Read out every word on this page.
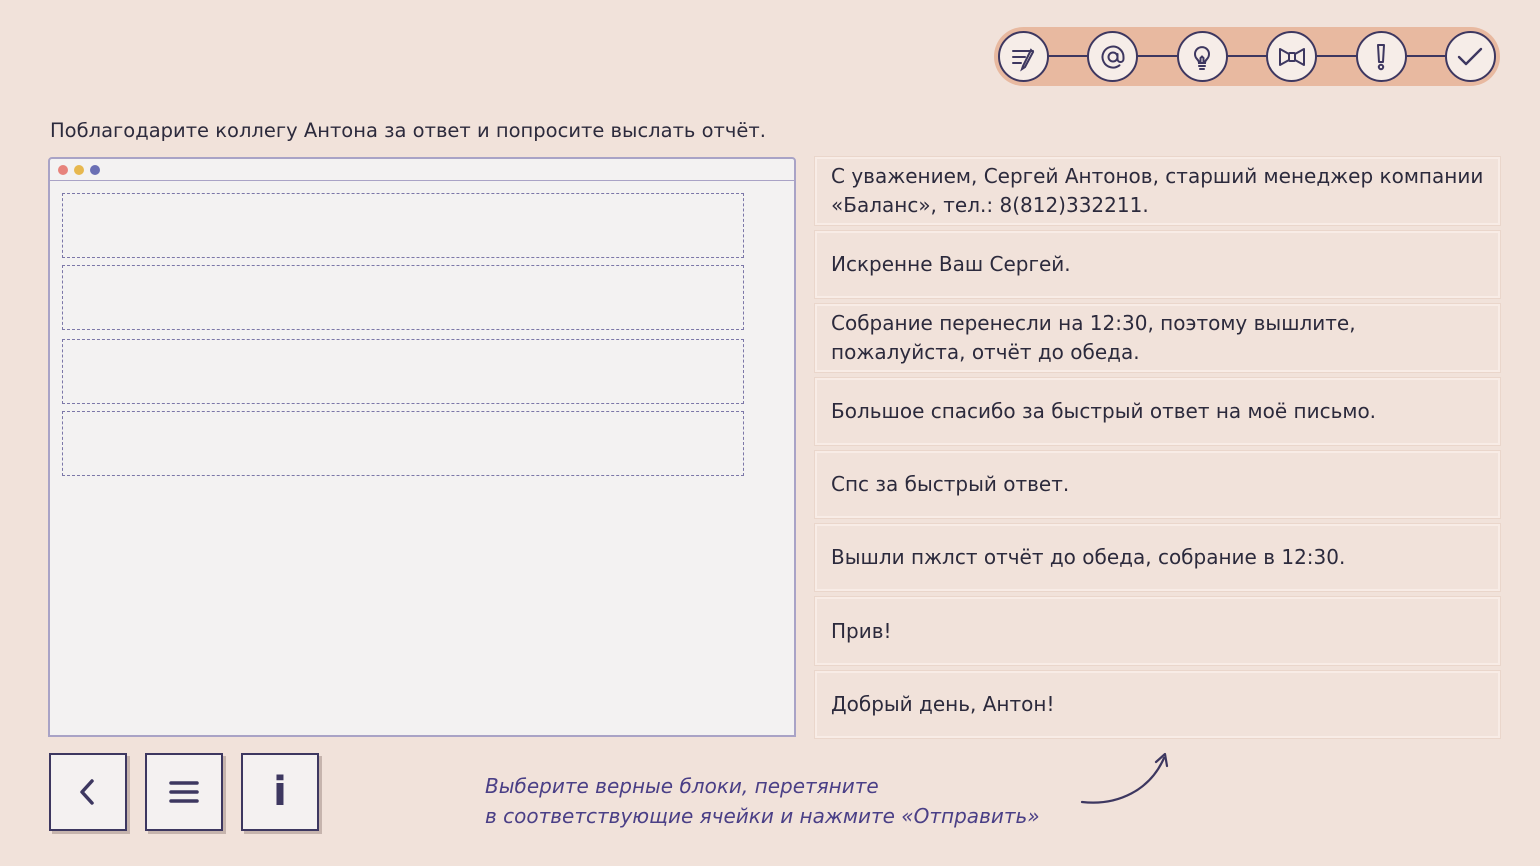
Поблагодарите коллегу Антона за ответ и попросите выслать отчёт.
С уважением, Сергей Антонов, старший менеджер компании «Баланс», тел.: 8(812)332211.
Искренне Ваш Сергей.
Собрание перенесли на 12:30, поэтому вышлите, пожалуйста, отчёт до обеда.
Большое спасибо за быстрый ответ на моё письмо.
Спс за быстрый ответ.
Вышли пжлст отчёт до обеда, собрание в 12:30.
Прив!
Добрый день, Антон!
i	Выберите верные блоки, перетяните
в соответствующие ячейки и нажмите «Отправить»
